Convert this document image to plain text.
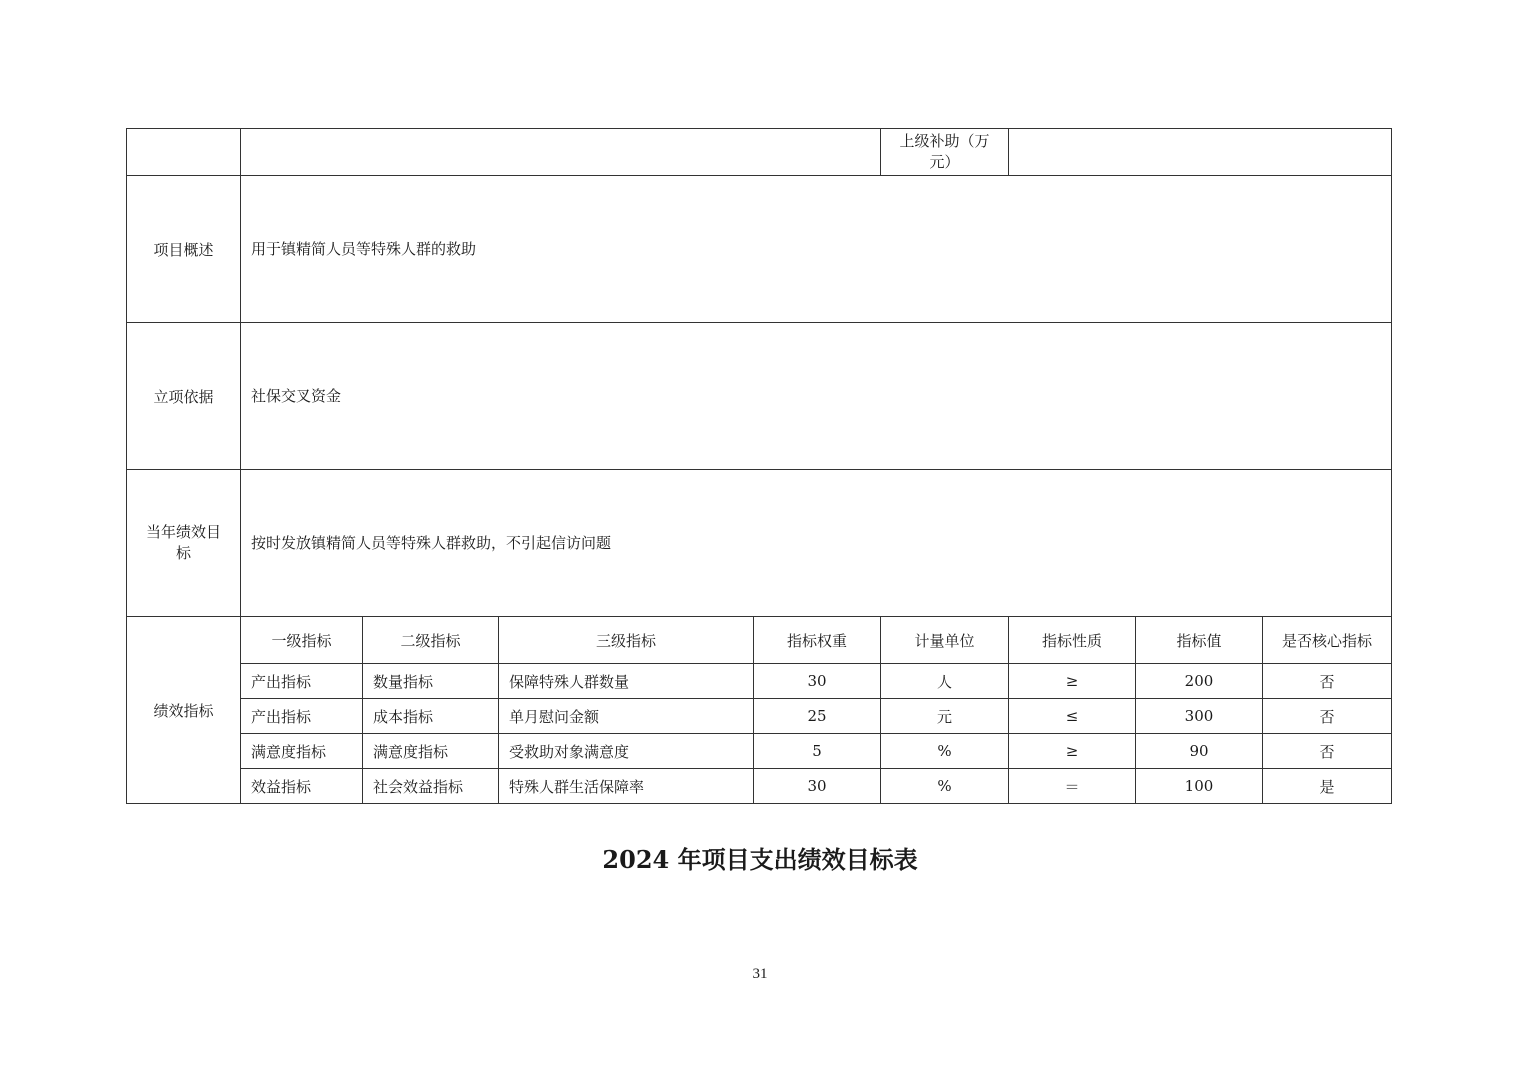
					上级补助（万
元）			

项目概述	用于镇精简人员等特殊人群的救助							
立项依据	社保交叉资金							

当年绩效目
标	按时发放镇精简人员等特殊人群救助，不引起信访问题							
绩效指标	一级指标	二级指标	三级指标	指标权重	计量单位	指标性质	指标值	是否核心指标
	产出指标	数量指标	保障特殊人群数量	30	人	≥	200	否
	产出指标	成本指标	单月慰问金额	25	元	≤	300	否
	满意度指标	满意度指标	受救助对象满意度	5	%	≥	90	否
	效益指标	社会效益指标	特殊人群生活保障率	30	%	＝	100	是
2024 年项目支出绩效目标表
31
